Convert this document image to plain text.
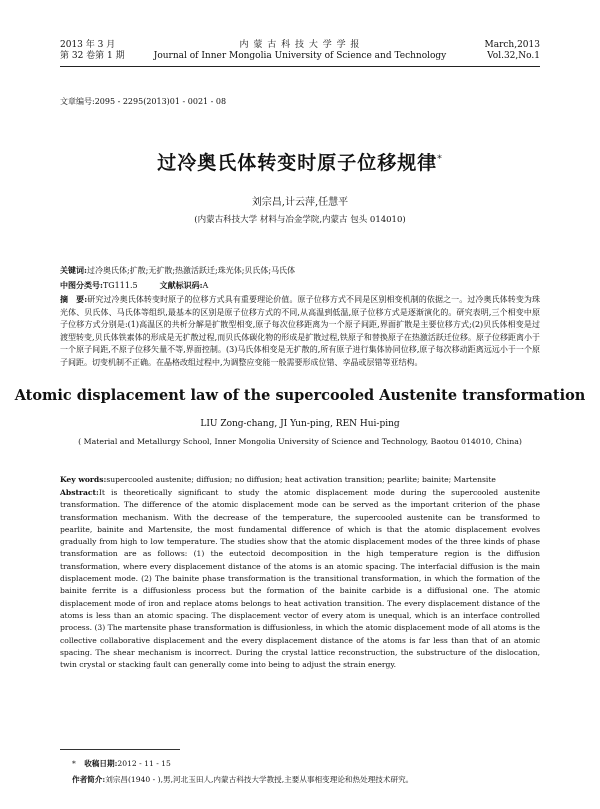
2013 年 3 月
第 32 卷第 1 期
内 蒙 古 科 技 大 学 学 报
Journal of Inner Mongolia University of Science and Technology
March,2013
Vol.32,No.1
文章编号:2095 - 2295(2013)01 - 0021 - 08
过冷奥氏体转变时原子位移规律*
刘宗昌,计云萍,任慧平
(内蒙古科技大学 材料与冶金学院,内蒙古 包头 014010)
关键词:过冷奥氏体;扩散;无扩散;热激活跃迁;珠光体;贝氏体;马氏体
中图分类号:TG111.5	文献标识码:A
摘　要:研究过冷奥氏体转变时原子的位移方式具有重要理论价值。原子位移方式不同是区别相变机制的依据之一。过冷奥氏体转变为珠光体、贝氏体、马氏体等组织,最基本的区别是原子位移方式的不同,从高温到低温,原子位移方式是逐渐演化的。研究表明,三个相变中原子位移方式分别是:(1)高温区的共析分解是扩散型相变,原子每次位移距离为一个原子间距,界面扩散是主要位移方式;(2)贝氏体相变是过渡型转变,贝氏体铁素体的形成是无扩散过程,而贝氏体碳化物的形成是扩散过程,铁原子和替换原子在热激活跃迁位移。原子位移距离小于一个原子间距,不原子位移矢量不等,界面控制。(3)马氏体相变是无扩散的,所有原子进行集体协同位移,原子每次移动距离远远小于一个原子间距。切变机制不正确。在晶格改组过程中,为调整应变能一般需要形成位错、孪晶或层错等亚结构。
Atomic displacement law of the supercooled Austenite transformation
LIU Zong-chang, JI Yun-ping, REN Hui-ping
( Material and Metallurgy School, Inner Mongolia University of Science and Technology, Baotou 014010, China)
Key words:supercooled austenite; diffusion; no diffusion; heat activation transition; pearlite; bainite; Martensite
Abstract:It is theoretically significant to study the atomic displacement mode during the supercooled austenite transformation. The difference of the atomic displacement mode can be served as the important criterion of the phase transformation mechanism. With the decrease of the temperature, the supercooled austenite can be transformed to pearlite, bainite and Martensite, the most fundamental difference of which is that the atomic displacement evolves gradually from high to low temperature. The studies show that the atomic displacement modes of the three kinds of phase transformation are as follows: (1) the eutectoid decomposition in the high temperature region is the diffusion transformation, where every displacement distance of the atoms is an atomic spacing. The interfacial diffusion is the main displacement mode. (2) The bainite phase transformation is the transitional transformation, in which the formation of the bainite ferrite is a diffusionless process but the formation of the bainite carbide is a diffusional one. The atomic displacement mode of iron and replace atoms belongs to heat activation transition. The every displacement distance of the atoms is less than an atomic spacing. The displacement vector of every atom is unequal, which is an interface controlled process. (3) The martensite phase transformation is diffusionless, in which the atomic displacement mode of all atoms is the collective collaborative displacement and the every displacement distance of the atoms is far less than that of an atomic spacing. The shear mechanism is incorrect. During the crystal lattice reconstruction, the substructure of the dislocation, twin crystal or stacking fault can generally come into being to adjust the strain energy.
* 收稿日期:2012 - 11 - 15
作者简介:刘宗昌(1940 - ),男,河北玉田人,内蒙古科技大学教授,主要从事相变理论和热处理技术研究。
